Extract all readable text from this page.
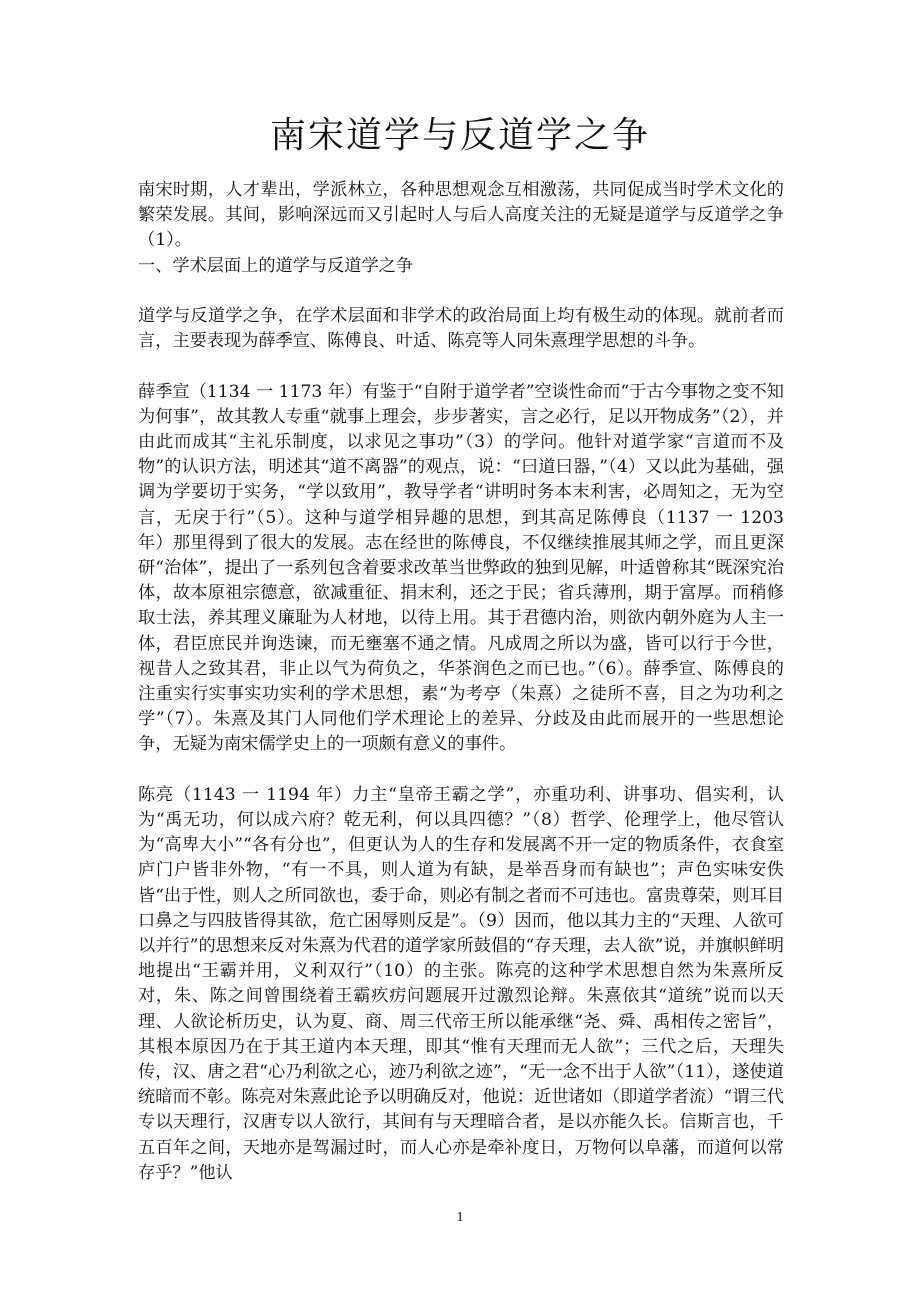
南宋道学与反道学之争

南宋时期，人才辈出，学派林立，各种思想观念互相激荡，共同促成当时学术文化的繁荣发展。其间，影响深远而又引起时人与后人高度关注的无疑是道学与反道学之争（1）。

一、学术层面上的道学与反道学之争

道学与反道学之争，在学术层面和非学术的政治局面上均有极生动的体现。就前者而言，主要表现为薛季宣、陈傅良、叶适、陈亮等人同朱熹理学思想的斗争。

薛季宣（1134 一 1173 年）有鉴于“自附于道学者”空谈性命而“于古今事物之变不知为何事”，故其教人专重“就事上理会，步步著实，言之必行，足以开物成务”（2），并由此而成其“主礼乐制度，以求见之事功”（3）的学问。他针对道学家“言道而不及物”的认识方法，明述其“道不离器”的观点，说：“曰道曰器，”（4）又以此为基础，强调为学要切于实务，“学以致用”，教导学者“讲明时务本末利害，必周知之，无为空言，无戾于行”（5）。这种与道学相异趣的思想，到其高足陈傅良（1137 一 1203 年）那里得到了很大的发展。志在经世的陈傅良，不仅继续推展其师之学，而且更深研“治体”，提出了一系列包含着要求改革当世弊政的独到见解，叶适曾称其“既深究治体，故本原祖宗德意，欲减重征、捐末利，还之于民；省兵薄刑，期于富厚。而稍修取士法，养其理义廉耻为人材地，以待上用。其于君德内治，则欲内朝外庭为人主一体，君臣庶民并询迭谏，而无壅塞不通之情。凡成周之所以为盛，皆可以行于今世，视昔人之致其君，非止以气为荷负之，华茶润色之而已也。”（6）。薛季宣、陈傅良的注重实行实事实功实利的学术思想，素“为考亭（朱熹）之徒所不喜，目之为功利之学”（7）。朱熹及其门人同他们学术理论上的差异、分歧及由此而展开的一些思想论争，无疑为南宋儒学史上的一项颇有意义的事件。

陈亮（1143 一 1194 年）力主“皇帝王霸之学”，亦重功利、讲事功、倡实利，认为“禹无功，何以成六府？乾无利，何以具四德？”（8）哲学、伦理学上，他尽管认为“高卑大小”“各有分也”，但更认为人的生存和发展离不开一定的物质条件，衣食室庐门户皆非外物，“有一不具，则人道为有缺，是举吾身而有缺也”；声色实味安佚皆“出于性，则人之所同欲也，委于命，则必有制之者而不可违也。富贵尊荣，则耳目口鼻之与四肢皆得其欲，危亡困辱则反是”。（9）因而，他以其力主的“天理、人欲可以并行”的思想来反对朱熹为代君的道学家所鼓倡的“存天理，去人欲”说，并旗帜鲜明地提出“王霸并用，义利双行”（10）的主张。陈亮的这种学术思想自然为朱熹所反对，朱、陈之间曾围绕着王霸疚疠问题展开过激烈论辩。朱熹依其“道统”说而以天理、人欲论析历史，认为夏、商、周三代帝王所以能承继“尧、舜、禹相传之密旨”，其根本原因乃在于其王道内本天理，即其“惟有天理而无人欲”；三代之后，天理失传，汉、唐之君“心乃利欲之心，迹乃利欲之迹”，“无一念不出于人欲”（11），遂使道统暗而不彰。陈亮对朱熹此论予以明确反对，他说：近世诸如（即道学者流）“谓三代专以天理行，汉唐专以人欲行，其间有与天理暗合者，是以亦能久长。信斯言也，千五百年之间，天地亦是驾漏过时，而人心亦是牵补度日，万物何以阜藩，而道何以常存乎？”他认

1
